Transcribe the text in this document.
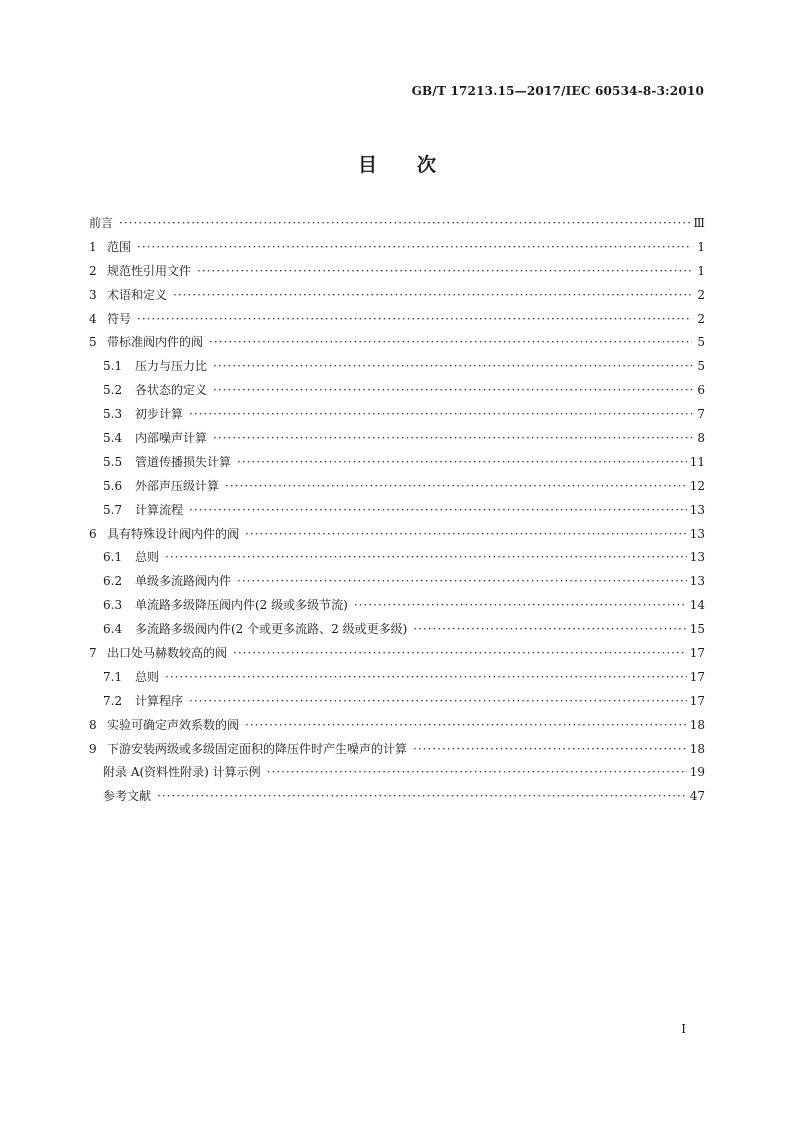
GB/T 17213.15—2017/IEC 60534-8-3:2010
目次
前言 ·····	Ⅲ
1 范围 ·····	1
2 规范性引用文件 ·····	1
3 术语和定义 ·····	2
4 符号 ·····	2
5 带标准阀内件的阀 ·····	5
5.1	压力与压力比 ·····	5
5.2	各状态的定义 ·····	6
5.3	初步计算 ·····	7
5.4	内部噪声计算 ·····	8
5.5	管道传播损失计算 ·····	11
5.6	外部声压级计算 ·····	12
5.7	计算流程 ·····	13
6 具有特殊设计阀内件的阀 ·····	13
6.1	总则 ·····	13
6.2	单级多流路阀内件 ·····	13
6.3	单流路多级降压阀内件(2 级或多级节流) ·····	14
6.4	多流路多级阀内件(2 个或更多流路、2 级或更多级) ·····	15
7 出口处马赫数较高的阀 ·····	17
7.1	总则 ·····	17
7.2	计算程序 ·····	17
8 实验可确定声效系数的阀 ·····	18
9 下游安装两级或多级固定面积的降压件时产生噪声的计算 ·····	18
附录 A(资料性附录) 计算示例 ·····	19
参考文献 ·····	47
I
